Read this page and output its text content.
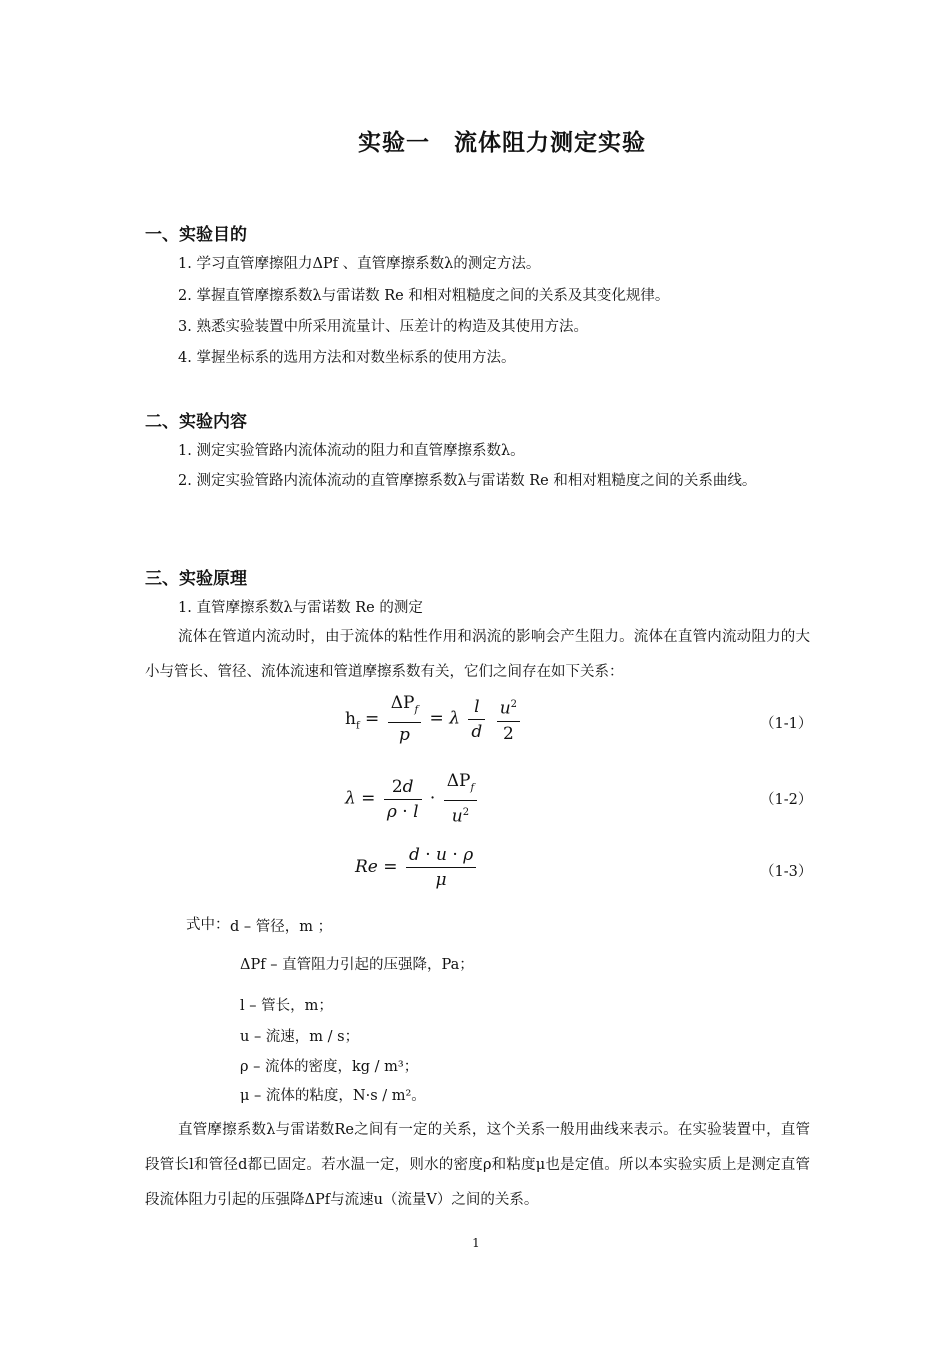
实验一　流体阻力测定实验
一、实验目的
1. 学习直管摩擦阻力ΔPf 、直管摩擦系数λ的测定方法。
2. 掌握直管摩擦系数λ与雷诺数 Re 和相对粗糙度之间的关系及其变化规律。
3. 熟悉实验装置中所采用流量计、压差计的构造及其使用方法。
4. 掌握坐标系的选用方法和对数坐标系的使用方法。
二、实验内容
1. 测定实验管路内流体流动的阻力和直管摩擦系数λ。
2. 测定实验管路内流体流动的直管摩擦系数λ与雷诺数 Re 和相对粗糙度之间的关系曲线。
三、实验原理
1. 直管摩擦系数λ与雷诺数 Re 的测定
流体在管道内流动时，由于流体的粘性作用和涡流的影响会产生阻力。流体在直管内流动阻力的大小与管长、管径、流体流速和管道摩擦系数有关，它们之间存在如下关系：
$h_f = \frac{\Delta P_f}{p} = \lambda \frac{l}{d}$
$\frac{u^2}{2}$	（1-1）
$\lambda = \frac{2d}{\rho \cdot l} \cdot \frac{\Delta P_f}{u^2}$	（1-2）
$Re = \frac{d \cdot u \cdot \rho}{\mu}$	（1-3）
式中： d – 管径，m ；
ΔPf – 直管阻力引起的压强降，Pa；
l – 管长，m；
u – 流速，m / s；
ρ – 流体的密度，kg / m³；
μ – 流体的粘度，N·s / m²。
直管摩擦系数λ与雷诺数Re之间有一定的关系，这个关系一般用曲线来表示。在实验装置中，直管段管长l和管径d都已固定。若水温一定，则水的密度ρ和粘度μ也是定值。所以本实验实质上是测定直管段流体阻力引起的压强降ΔPf与流速u（流量V）之间的关系。
1
